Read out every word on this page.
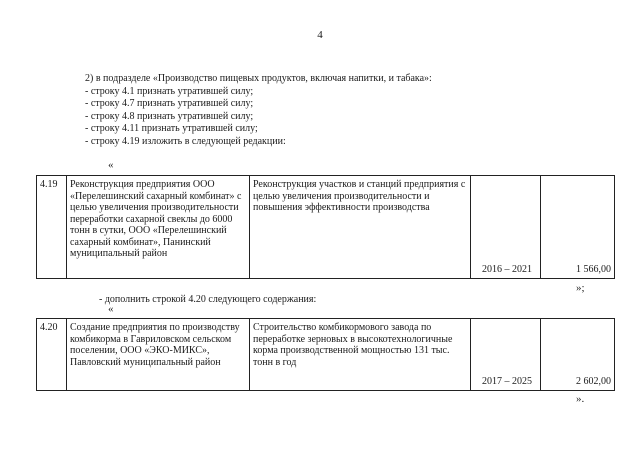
4
2) в подразделе «Производство пищевых продуктов, включая напитки, и табака»:
- строку 4.1 признать утратившей силу;
- строку 4.7 признать утратившей силу;
- строку 4.8 признать утратившей силу;
- строку 4.11 признать утратившей силу;
- строку 4.19 изложить в следующей редакции:
«
4.19	Реконструкция предприятия ООО «Перелешинский сахарный комбинат» с целью увеличения производительности переработки сахарной свеклы до 6000 тонн в сутки, ООО «Перелешинский сахарный комбинат», Панинский муниципальный район	Реконструкция участков и станций предприятия с целью увеличения производительности и повышения эффективности производства	2016 – 2021	1 566,00
»;
- дополнить строкой 4.20 следующего содержания:
«
4.20	Создание предприятия по производству комбикорма в Гавриловском сельском поселении, ООО «ЭКО-МИКС», Павловский муниципальный район	Строительство комбикормового завода по переработке зерновых в высокотехнологичные корма производственной мощностью 131 тыс. тонн в год	2017 – 2025	2 602,00
».
